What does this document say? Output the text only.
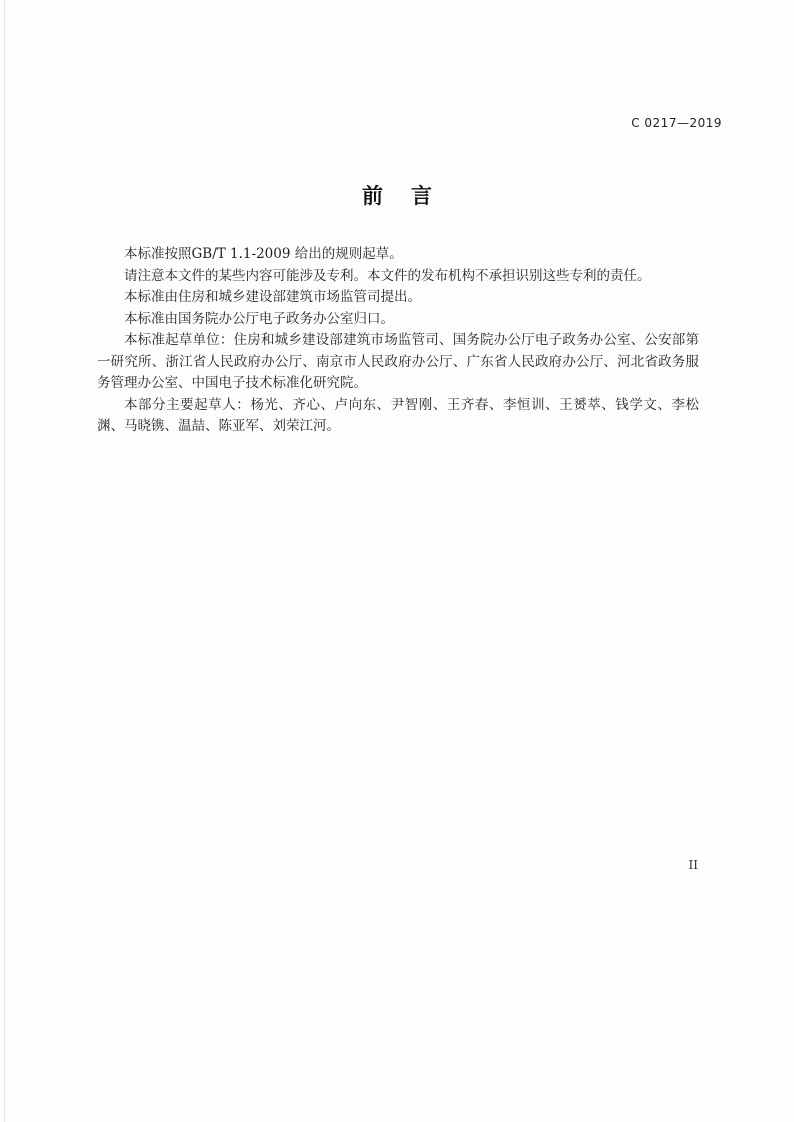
C 0217—2019
前言

本标准按照GB/T 1.1-2009 给出的规则起草。

请注意本文件的某些内容可能涉及专利。本文件的发布机构不承担识别这些专利的责任。

本标准由住房和城乡建设部建筑市场监管司提出。

本标准由国务院办公厅电子政务办公室归口。

本标准起草单位：住房和城乡建设部建筑市场监管司、国务院办公厅电子政务办公室、公安部第一研究所、浙江省人民政府办公厅、南京市人民政府办公厅、广东省人民政府办公厅、河北省政务服务管理办公室、中国电子技术标准化研究院。

本部分主要起草人：杨光、齐心、卢向东、尹智刚、王齐春、李恒训、王赟萃、钱学文、李松渊、马晓镌、温喆、陈亚军、刘荣江河。

II
